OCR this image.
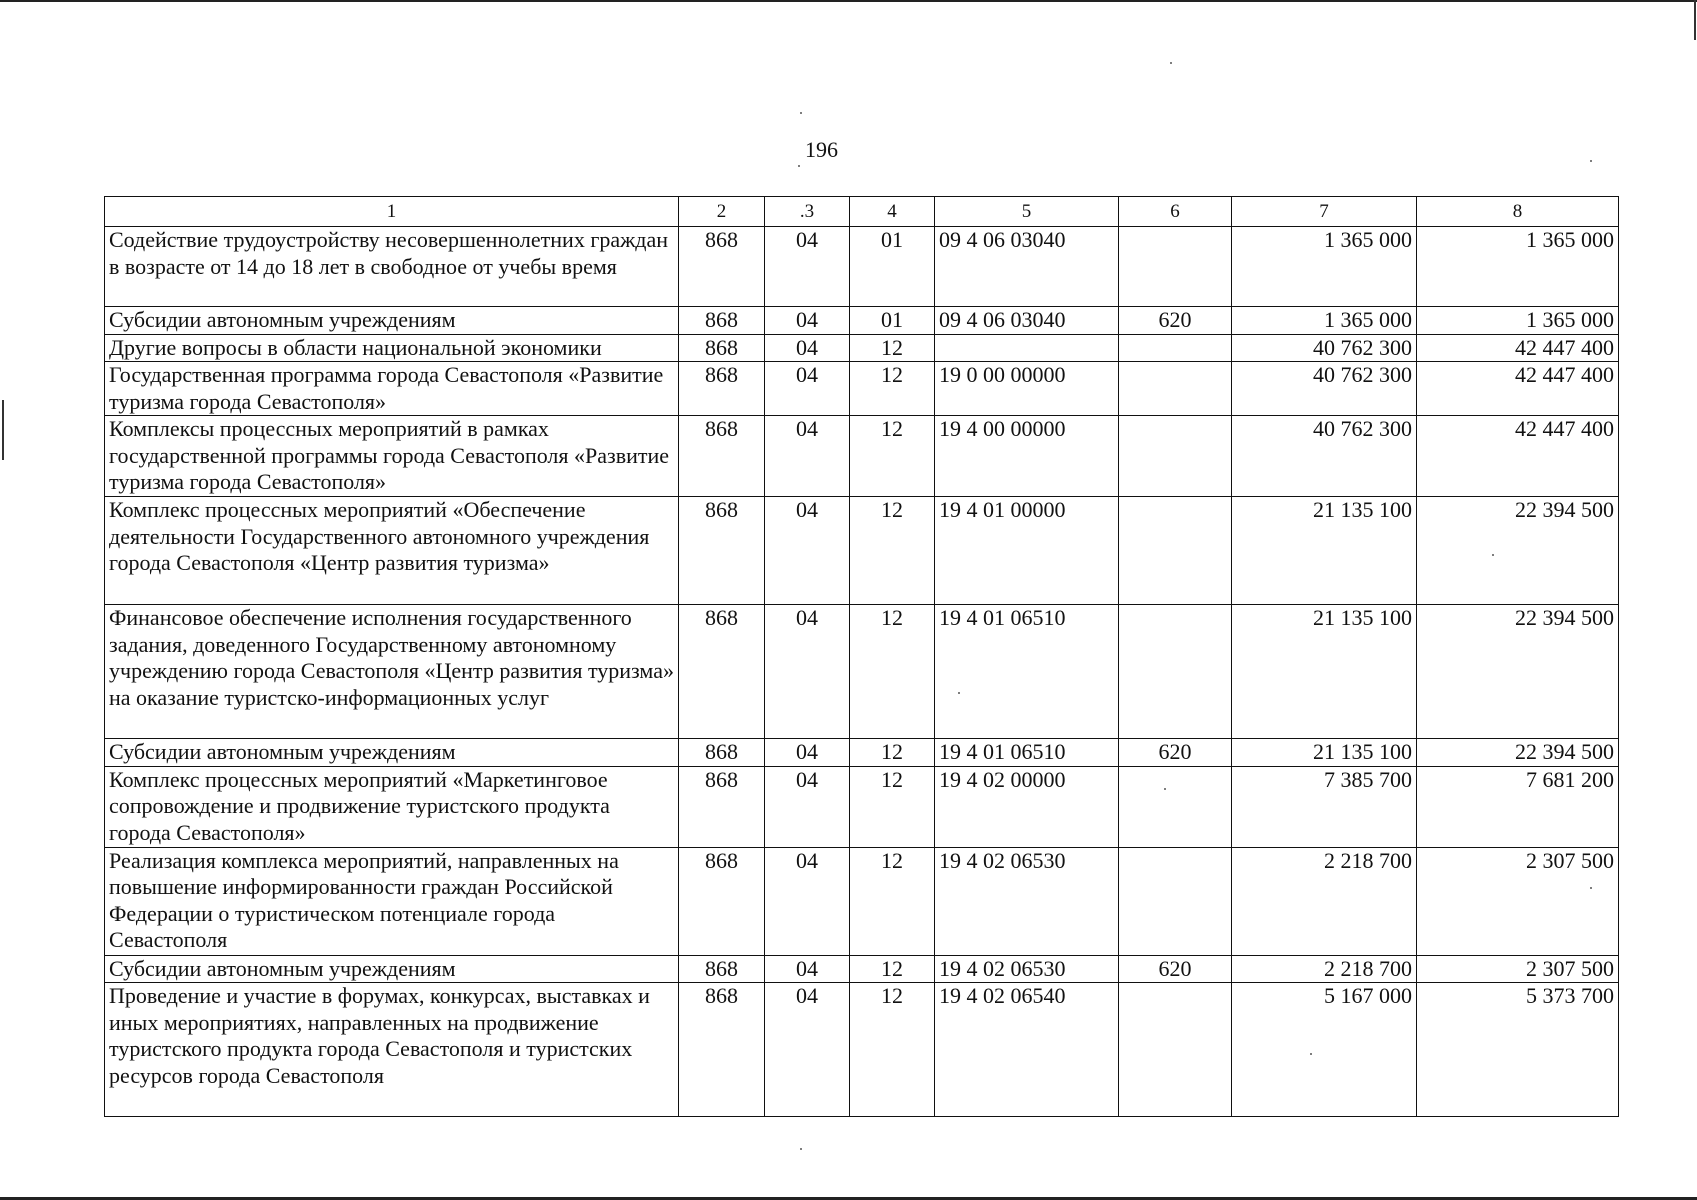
196
1	2	.3	4	5	6	7	8
Содействие трудоустройству несовершеннолетних граждан в возрасте от 14 до 18 лет в свободное от учебы время	868	04	01	09 4 06 03040		1 365 000	1 365 000
Субсидии автономным учреждениям	868	04	01	09 4 06 03040	620	1 365 000	1 365 000
Другие вопросы в области национальной экономики	868	04	12			40 762 300	42 447 400
Государственная программа города Севастополя «Развитие туризма города Севастополя»	868	04	12	19 0 00 00000		40 762 300	42 447 400
Комплексы процессных мероприятий в рамках государственной программы города Севастополя «Развитие туризма города Севастополя»	868	04	12	19 4 00 00000		40 762 300	42 447 400
Комплекс процессных мероприятий «Обеспечение деятельности Государственного автономного учреждения города Севастополя «Центр развития туризма»	868	04	12	19 4 01 00000		21 135 100	22 394 500
Финансовое обеспечение исполнения государственного задания, доведенного Государственному автономному учреждению города Севастополя «Центр развития туризма» на оказание туристско-информационных услуг	868	04	12	19 4 01 06510		21 135 100	22 394 500
Субсидии автономным учреждениям	868	04	12	19 4 01 06510	620	21 135 100	22 394 500
Комплекс процессных мероприятий «Маркетинговое сопровождение и продвижение туристского продукта города Севастополя»	868	04	12	19 4 02 00000		7 385 700	7 681 200
Реализация комплекса мероприятий, направленных на повышение информированности граждан Российской Федерации о туристическом потенциале города Севастополя	868	04	12	19 4 02 06530		2 218 700	2 307 500
Субсидии автономным учреждениям	868	04	12	19 4 02 06530	620	2 218 700	2 307 500
Проведение и участие в форумах, конкурсах, выставках и иных мероприятиях, направленных на продвижение туристского продукта города Севастополя и туристских ресурсов города Севастополя	868	04	12	19 4 02 06540		5 167 000	5 373 700
